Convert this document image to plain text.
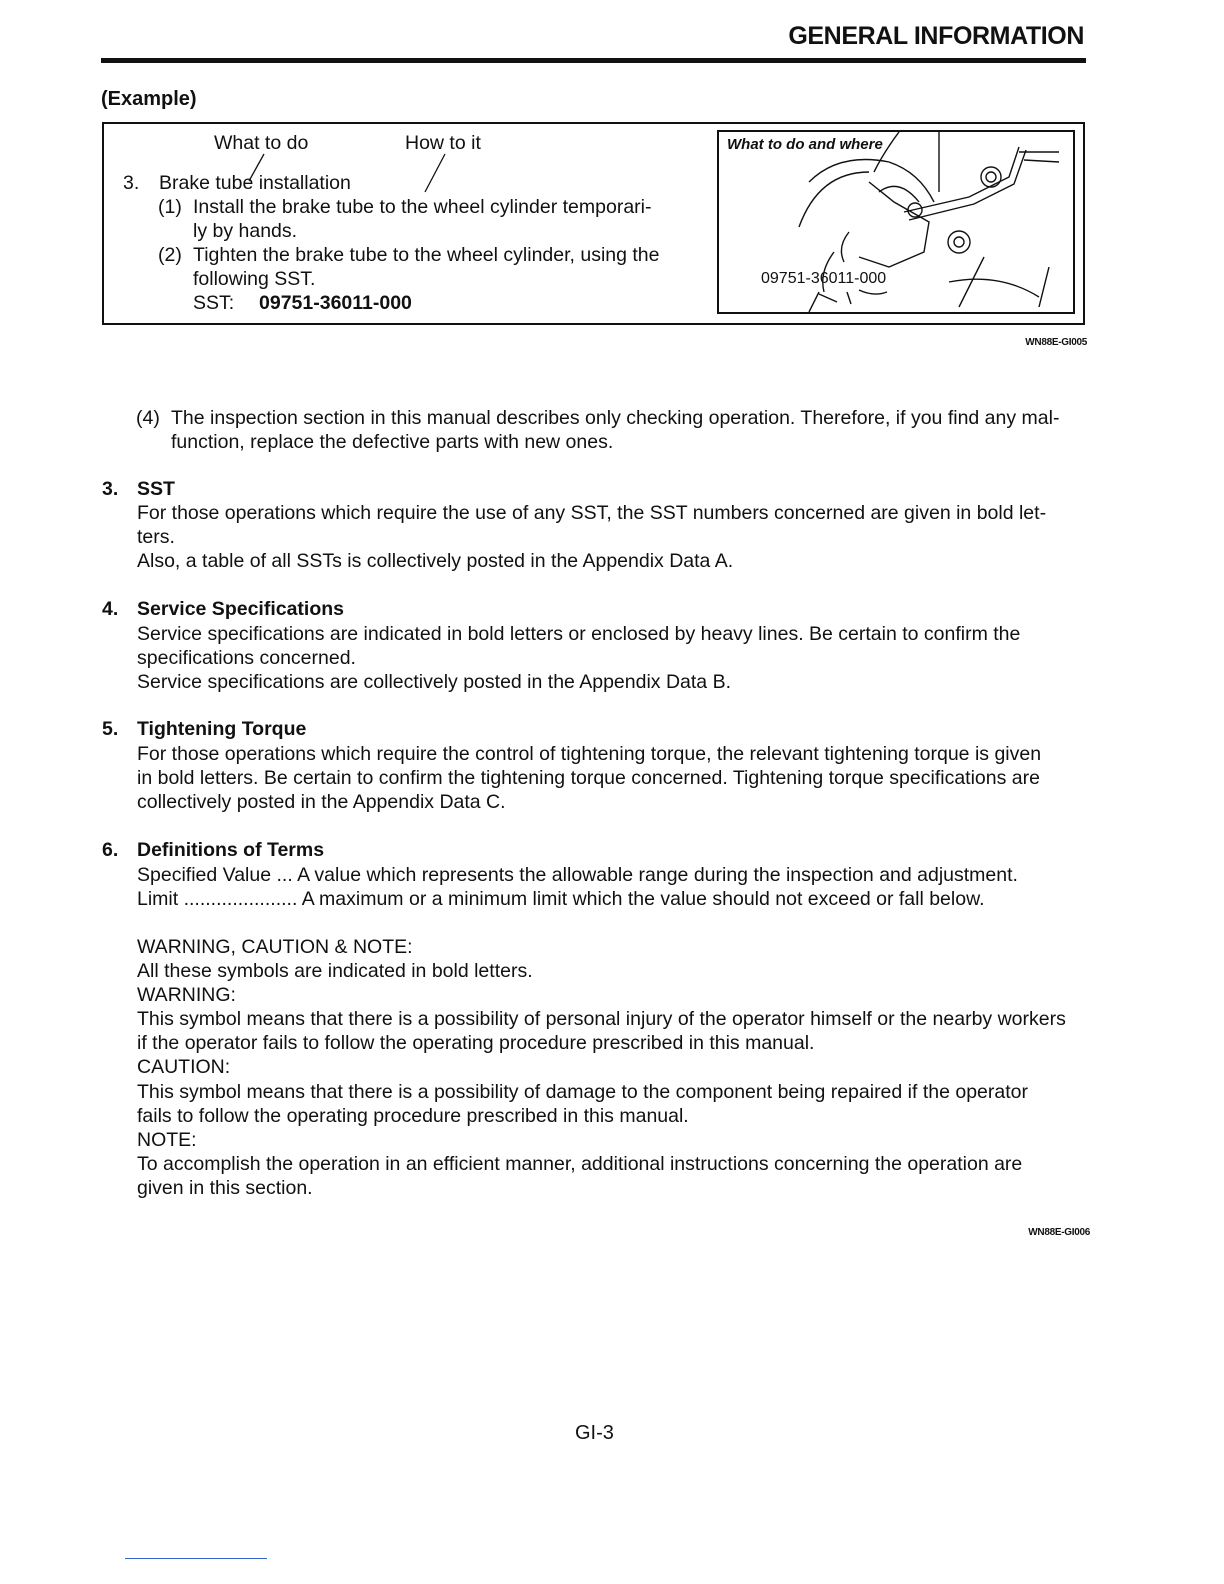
GENERAL INFORMATION
(Example)
What to do	How to it
3. Brake tube installation
(1) Install the brake tube to the wheel cylinder temporari-
ly by hands.
(2) Tighten the brake tube to the wheel cylinder, using the
following SST.
SST: 09751-36011-000
What to do and where
09751-36011-000
WN88E-GI005
(4) The inspection section in this manual describes only checking operation. Therefore, if you find any mal-
function, replace the defective parts with new ones.
3. SST
For those operations which require the use of any SST, the SST numbers concerned are given in bold let-
ters.
Also, a table of all SSTs is collectively posted in the Appendix Data A.
4. Service Specifications
Service specifications are indicated in bold letters or enclosed by heavy lines. Be certain to confirm the
specifications concerned.
Service specifications are collectively posted in the Appendix Data B.
5. Tightening Torque
For those operations which require the control of tightening torque, the relevant tightening torque is given
in bold letters. Be certain to confirm the tightening torque concerned. Tightening torque specifications are
collectively posted in the Appendix Data C.
6. Definitions of Terms
Specified Value ... A value which represents the allowable range during the inspection and adjustment.
Limit ..................... A maximum or a minimum limit which the value should not exceed or fall below.
WARNING, CAUTION & NOTE:
All these symbols are indicated in bold letters.
WARNING:
This symbol means that there is a possibility of personal injury of the operator himself or the nearby workers
if the operator fails to follow the operating procedure prescribed in this manual.
CAUTION:
This symbol means that there is a possibility of damage to the component being repaired if the operator
fails to follow the operating procedure prescribed in this manual.
NOTE:
To accomplish the operation in an efficient manner, additional instructions concerning the operation are
given in this section.
WN88E-GI006
GI-3
